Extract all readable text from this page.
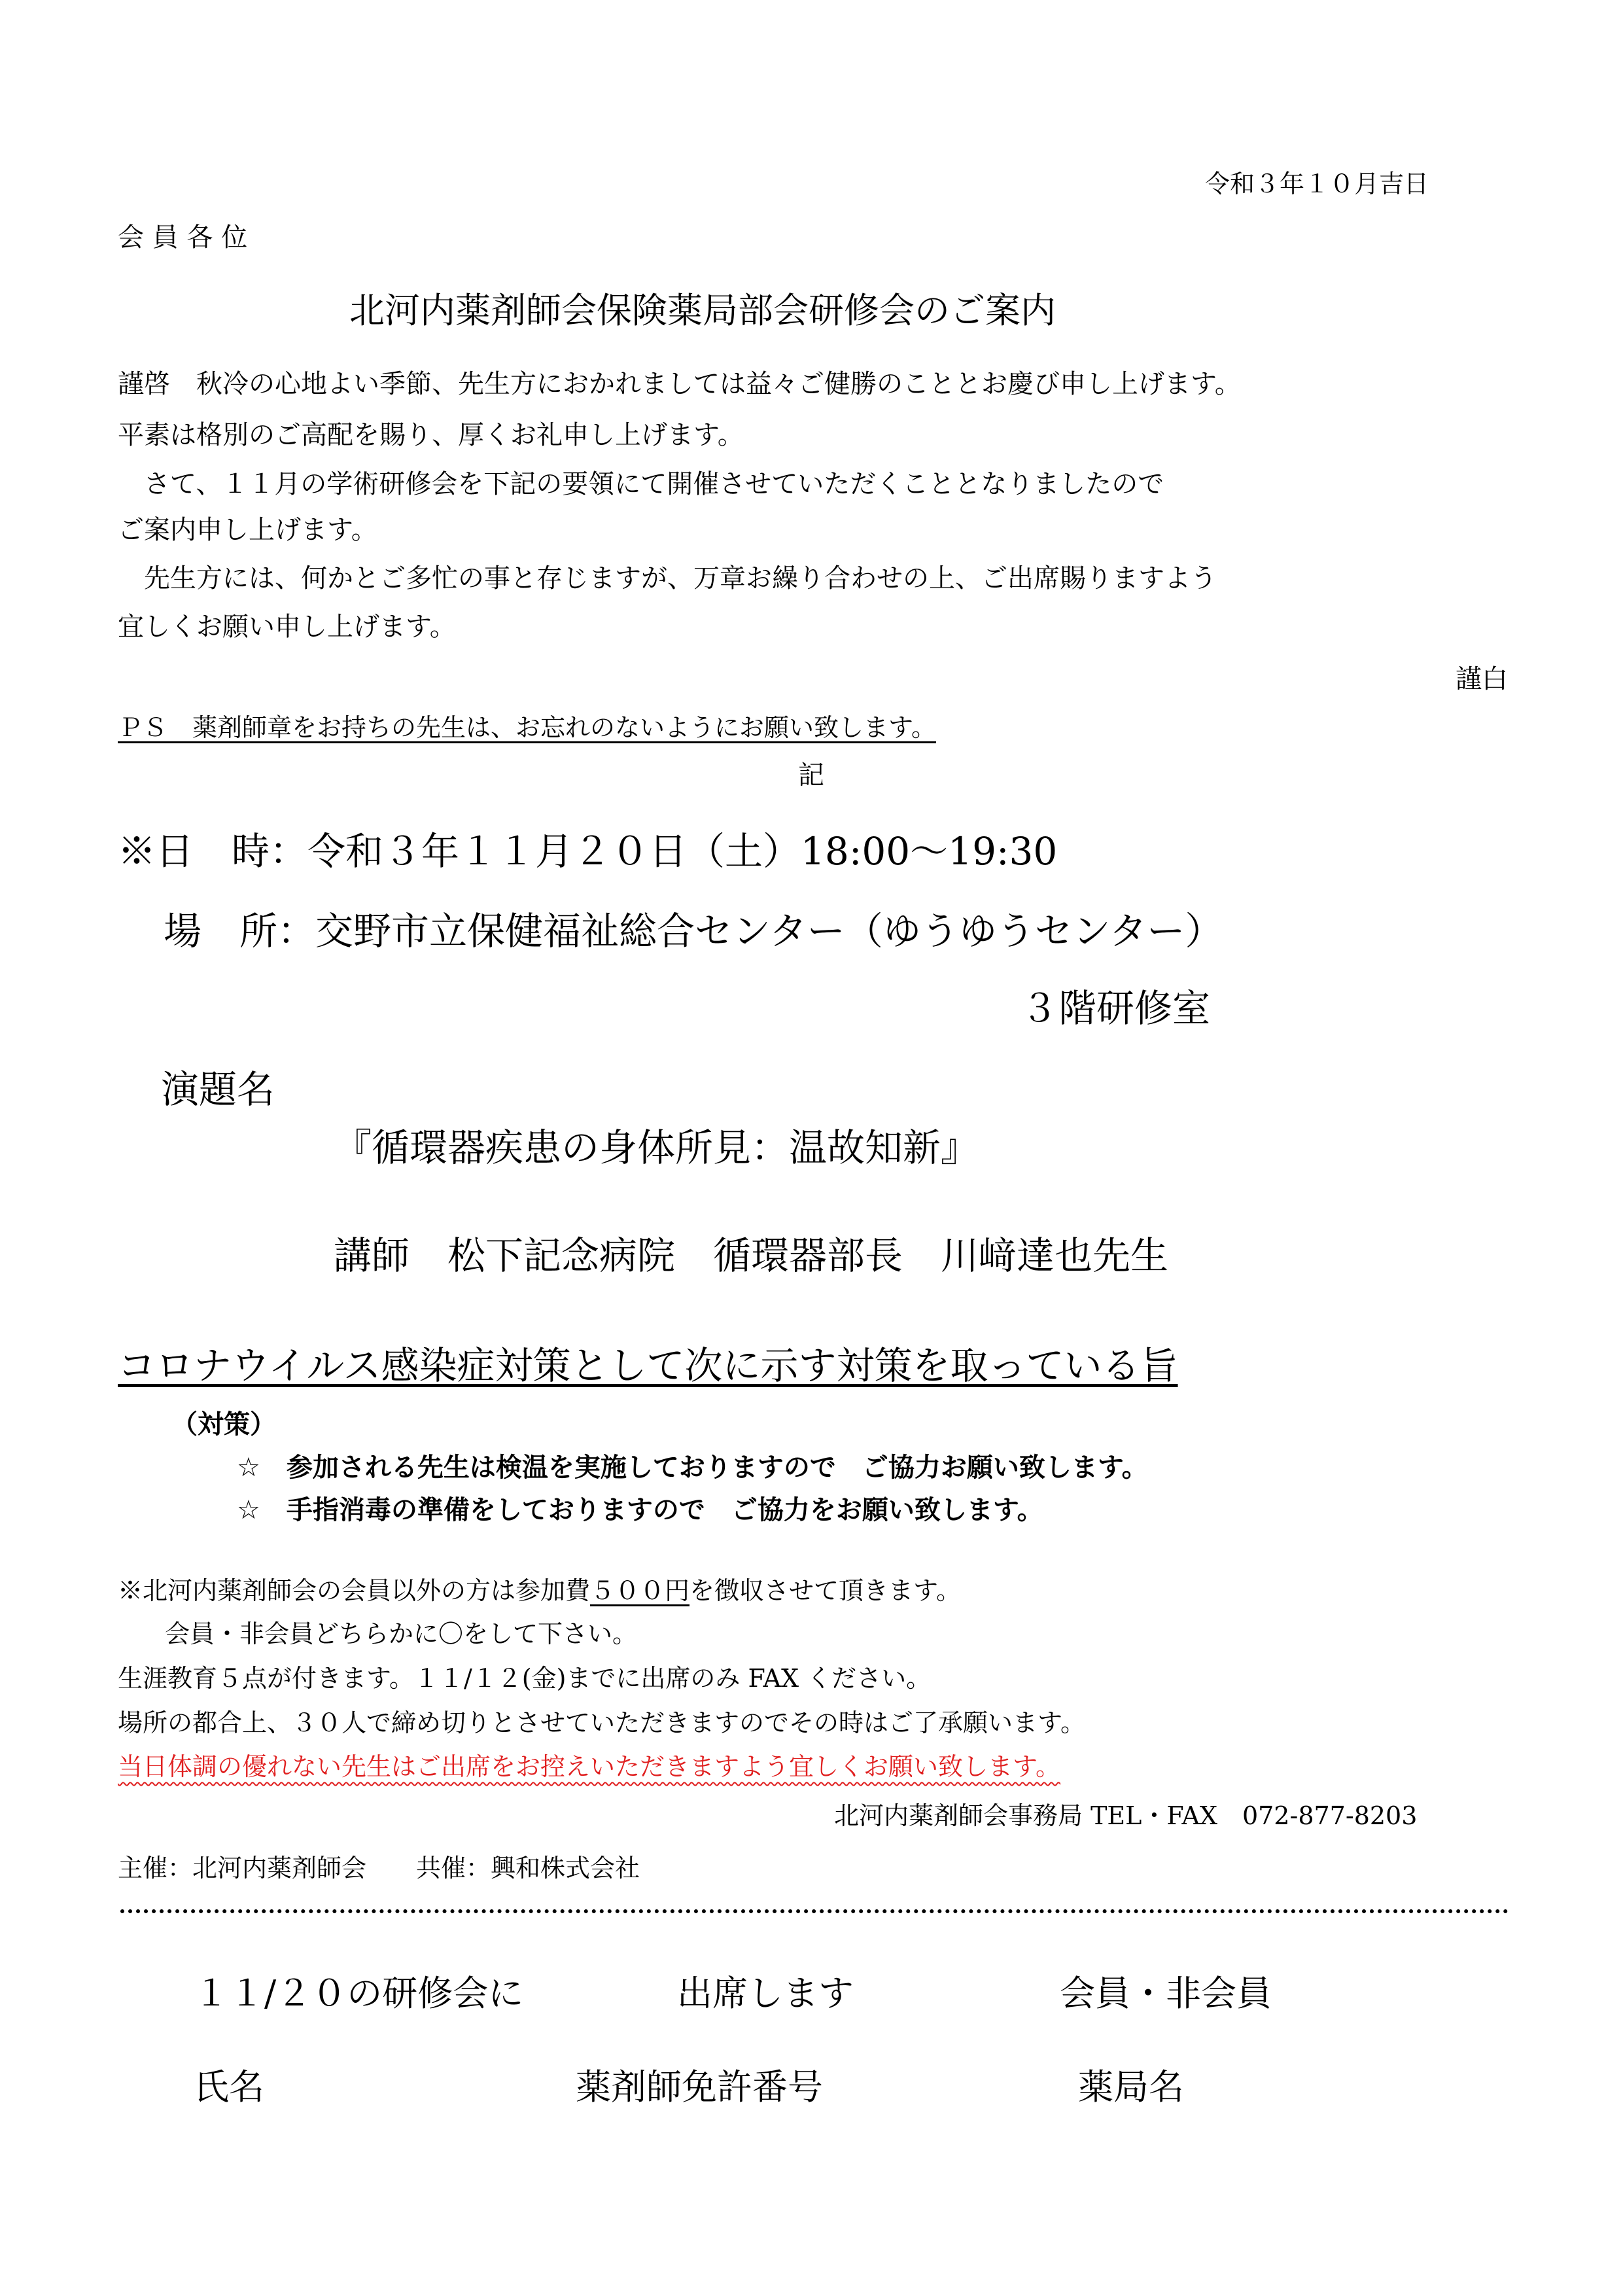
令和３年１０月吉日
会 員 各 位
北河内薬剤師会保険薬局部会研修会のご案内
謹啓　秋冷の心地よい季節、先生方におかれましては益々ご健勝のこととお慶び申し上げます。
平素は格別のご高配を賜り、厚くお礼申し上げます。
　さて、１１月の学術研修会を下記の要領にて開催させていただくこととなりましたので
ご案内申し上げます。
　先生方には、何かとご多忙の事と存じますが、万章お繰り合わせの上、ご出席賜りますよう
宜しくお願い申し上げます。
謹白
ＰＳ　薬剤師章をお持ちの先生は、お忘れのないようにお願い致します。
記
※日　時：令和３年１１月２０日（土）18:00～19:30
場　所：交野市立保健福祉総合センター（ゆうゆうセンター）
３階研修室
演題名
『循環器疾患の身体所見：温故知新』
講師　松下記念病院　循環器部長　川﨑達也先生
コロナウイルス感染症対策として次に示す対策を取っている旨
（対策）
☆　参加される先生は検温を実施しておりますので　ご協力お願い致します。
☆　手指消毒の準備をしておりますので　ご協力をお願い致します。
※北河内薬剤師会の会員以外の方は参加費５００円を徴収させて頂きます。
会員・非会員どちらかに〇をして下さい。
生涯教育５点が付きます。１１/１２(金)までに出席のみ FAX ください。
場所の都合上、３０人で締め切りとさせていただきますのでその時はご了承願います。
当日体調の優れない先生はご出席をお控えいただきますよう宜しくお願い致します。
北河内薬剤師会事務局 TEL・FAX　072-877-8203
主催：北河内薬剤師会　　共催：興和株式会社
１１/２０の研修会に	出席します	会員・非会員
氏名	薬剤師免許番号	薬局名
